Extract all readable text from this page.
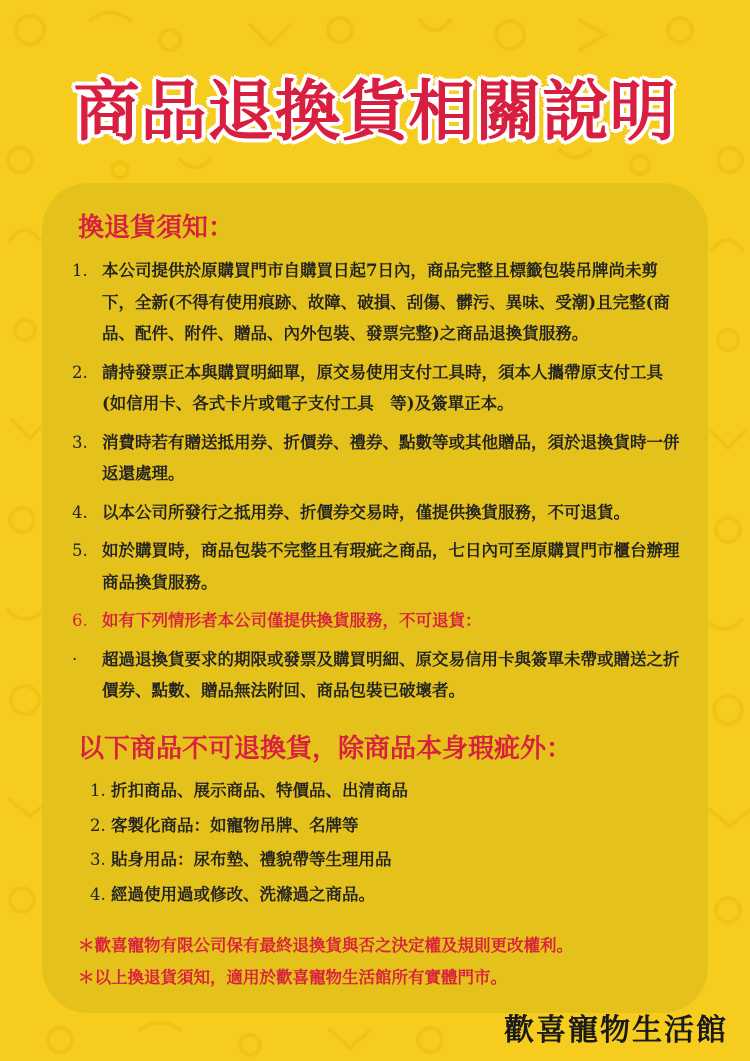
商品退換貨相關說明
換退貨須知：
1. 本公司提供於原購買門市自購買日起7日內，商品完整且標籤包裝吊牌尚未剪下，全新(不得有使用痕跡、故障、破損、刮傷、髒污、異味、受潮)且完整(商品、配件、附件、贈品、內外包裝、發票完整)之商品退換貨服務。
2. 請持發票正本與購買明細單，原交易使用支付工具時，須本人攜帶原支付工具(如信用卡、各式卡片或電子支付工具　等)及簽單正本。
3. 消費時若有贈送抵用券、折價券、禮券、點數等或其他贈品，須於退換貨時一併返還處理。
4. 以本公司所發行之抵用券、折價券交易時，僅提供換貨服務，不可退貨。
5. 如於購買時，商品包裝不完整且有瑕疵之商品，七日內可至原購買門市櫃台辦理商品換貨服務。
6. 如有下列情形者本公司僅提供換貨服務，不可退貨：
‧	超過退換貨要求的期限或發票及購買明細、原交易信用卡與簽單未帶或贈送之折價券、點數、贈品無法附回、商品包裝已破壞者。
以下商品不可退換貨，除商品本身瑕疵外：
1. 折扣商品、展示商品、特價品、出清商品
2. 客製化商品：如寵物吊牌、名牌等
3. 貼身用品：尿布墊、禮貌帶等生理用品
4. 經過使用過或修改、洗滌過之商品。
＊歡喜寵物有限公司保有最終退換貨與否之決定權及規則更改權利。
＊以上換退貨須知，適用於歡喜寵物生活館所有實體門市。
歡喜寵物生活館
